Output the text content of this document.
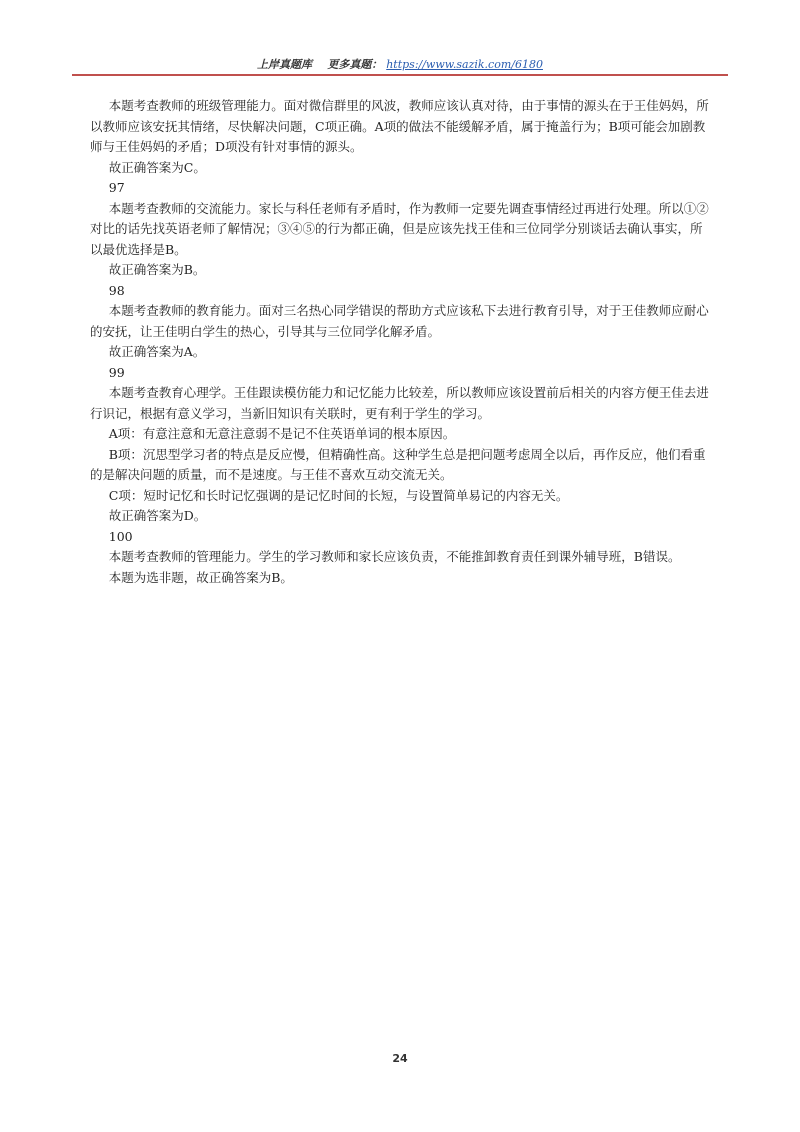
上岸真题库 更多真题： https://www.sazik.com/6180

本题考查教师的班级管理能力。面对微信群里的风波，教师应该认真对待，由于事情的源头在于王佳妈妈，所以教师应该安抚其情绪，尽快解决问题，C项正确。A项的做法不能缓解矛盾，属于掩盖行为；B项可能会加剧教师与王佳妈妈的矛盾；D项没有针对事情的源头。

故正确答案为C。

97

本题考查教师的交流能力。家长与科任老师有矛盾时，作为教师一定要先调查事情经过再进行处理。所以①②对比的话先找英语老师了解情况；③④⑤的行为都正确，但是应该先找王佳和三位同学分别谈话去确认事实，所以最优选择是B。

故正确答案为B。

98

本题考查教师的教育能力。面对三名热心同学错误的帮助方式应该私下去进行教育引导，对于王佳教师应耐心的安抚，让王佳明白学生的热心，引导其与三位同学化解矛盾。

故正确答案为A。

99

本题考查教育心理学。王佳跟读模仿能力和记忆能力比较差，所以教师应该设置前后相关的内容方便王佳去进行识记，根据有意义学习，当新旧知识有关联时，更有利于学生的学习。

A项：有意注意和无意注意弱不是记不住英语单词的根本原因。

B项：沉思型学习者的特点是反应慢，但精确性高。这种学生总是把问题考虑周全以后，再作反应，他们看重的是解决问题的质量，而不是速度。与王佳不喜欢互动交流无关。

C项：短时记忆和长时记忆强调的是记忆时间的长短，与设置简单易记的内容无关。

故正确答案为D。

100

本题考查教师的管理能力。学生的学习教师和家长应该负责，不能推卸教育责任到课外辅导班，B错误。

本题为选非题，故正确答案为B。

24
